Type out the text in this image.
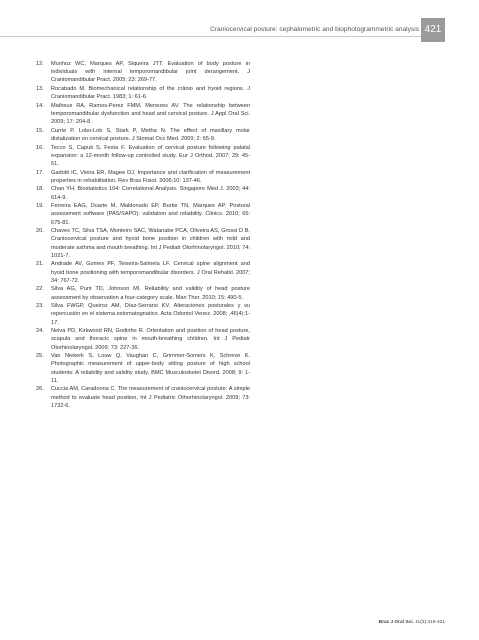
Craniocervical posture: cephalometric and biophotogrammetric analysis 421
12. Munhoz WC, Marques AP, Siqueira JTT. Evaluation of body posture in individuals with internal temporomandibular joint derangement. J Craniomandibular Pract. 2005; 23: 269-77.
13. Rocabado M. Biomechanical relationship of the crânio and hyoid regions. J Craniomandibular Pract. 1983; 1: 61-6.
14. Matheus RA, Ramos-Perez FMM, Menezes AV. The relationship between temporomandibular dysfunction and head and cervical posture. J Appl Oral Sci. 2009; 17: 204-8.
15. Currie P, Lobo-Lob S, Stark P, Metha N. The effect of maxillary molar distalization on cervical posture. J Stomat Occ Med. 2009; 2: 65-9.
16. Tecco S, Caputi S, Festa F. Evaluation of cervical posture following palatal expansion: a 12-month follow-up controlled study. Eur J Orthod. 2007; 29: 45-51.
17. Gadotti IC, Vieira ER, Magee DJ. Importance and clarification of measurement properties in rehabilitation. Rev Bras Fisiot. 2006;10: 137-46.
18. Chan YH. Biostatistics 104: Correlational Analysis. Singapore Med J. 2003; 44: 614-9.
19. Ferreira EAG, Duarte M, Maldonado EP, Burke TN, Marques AP. Postural assessment software (PAS/SAPO): validation and reliability. Clinics. 2010; 65: 675-81.
20. Chaves TC, Silva TSA, Monteiro SAC, Watanabe PCA, Oliveira AS, Grossi D B. Craniocervical posture and hyoid bone position in children with mild and moderate asthma and mouth breathing. Int J Pediatr Otorhinolaryngol. 2010; 74: 1021-7.
21. Andrade AV, Gomes PF, Teixeira-Salmela LF. Cervical spine alignment and hyoid bone positioning with temporomandibular disorders. J Oral Rehabil. 2007; 34: 767-72.
22. Silva AG, Punt TD, Johnson MI. Reliability and validity of head posture assessment by observation a four-category scale. Man Ther. 2010; 15: 490-5.
23. Silva FWGP, Queiroz AM, Díaz-Serrano KV. Alteraciones posturales y su repercusión en el sistema estomatognatico. Acta Odontol Venez. 2008; ,46(4):1-17.
24. Neiva PD, Kirkwood RN, Godinho R. Orientation and position of head posture, scapula and thoracic spine in mouth-breathing children. Int J Pediatr Otorhinolaryngol. 2009; 73: 227-36.
25. Van Niekerk S, Louw Q, Vaughan C, Grimmer-Somers K, Schreve K. Photographic measurement of upper-body sitting posture of high school students: A reliability and validity study. BMC Musculoskelet Disord. 2008; 9: 1-11.
26. Cuccia AM, Caradonna C. The measurement of craniocervical posture: A simple method to evaluate head position, Int J Pediatric Othorhinolaryngol. 2009; 73: 1732-6.
Braz J Oral Sci. 11(3):416-421
